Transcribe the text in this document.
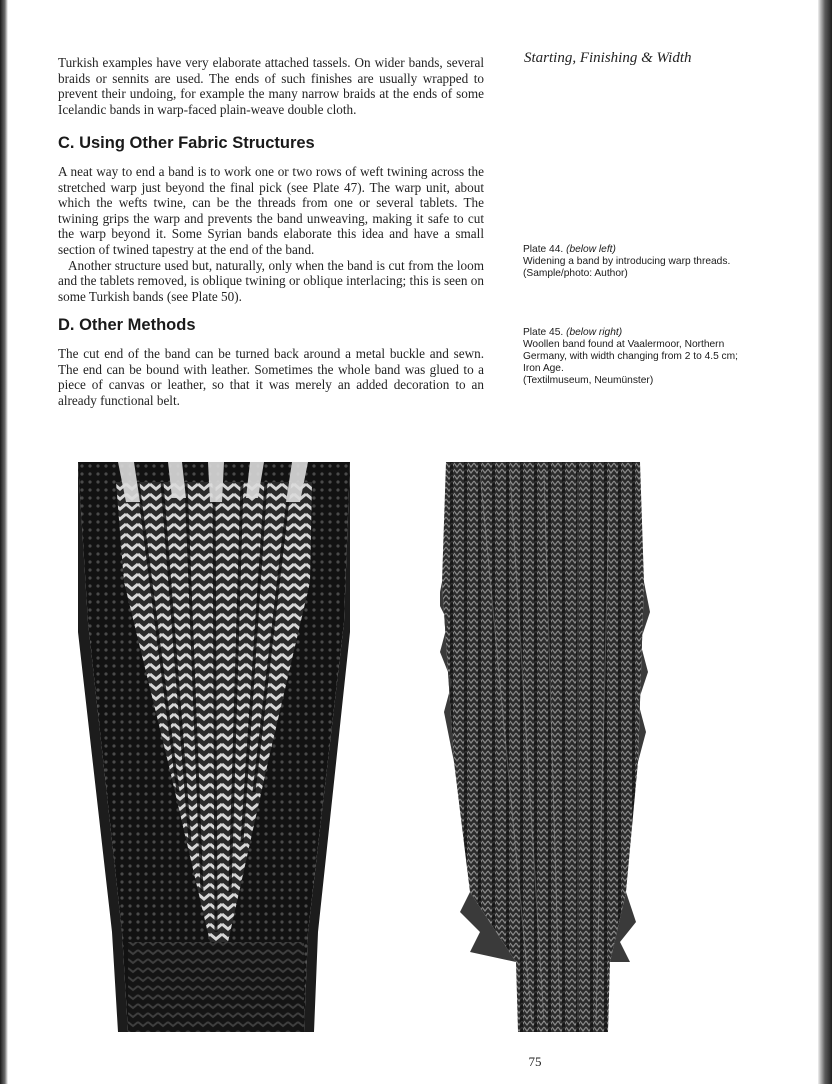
Starting, Finishing & Width

Turkish examples have very elaborate attached tassels. On wider bands, several braids or sennits are used. The ends of such finishes are usually wrapped to prevent their undoing, for example the many narrow braids at the ends of some Icelandic bands in warp-faced plain-weave double cloth.

C. Using Other Fabric Structures

A neat way to end a band is to work one or two rows of weft twining across the stretched warp just beyond the final pick (see Plate 47). The warp unit, about which the wefts twine, can be the threads from one or several tablets. The twining grips the warp and prevents the band unweaving, making it safe to cut the warp beyond it. Some Syrian bands elaborate this idea and have a small section of twined tapestry at the end of the band.

Another structure used but, naturally, only when the band is cut from the loom and the tablets removed, is oblique twining or oblique interlacing; this is seen on some Turkish bands (see Plate 50).

D. Other Methods

The cut end of the band can be turned back around a metal buckle and sewn. The end can be bound with leather. Sometimes the whole band was glued to a piece of canvas or leather, so that it was merely an added decoration to an already functional belt.

Plate 44. (below left)
Widening a band by introducing warp threads.
(Sample/photo: Author)
Plate 45. (below right)
Woollen band found at Vaalermoor, Northern Germany, with width changing from 2 to 4.5 cm; Iron Age.
(Textilmuseum, Neumünster)
75
